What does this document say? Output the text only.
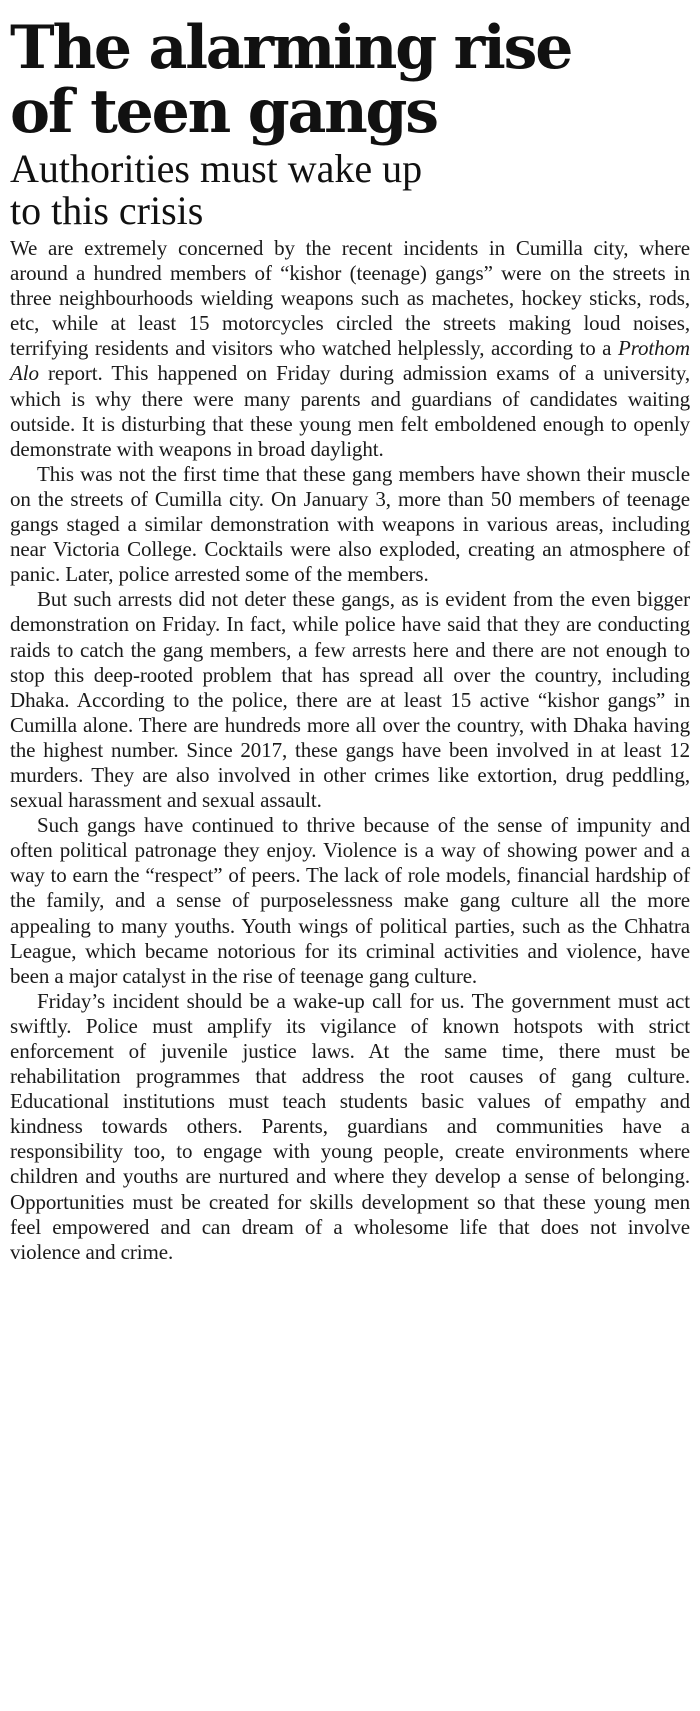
The alarming rise of teen gangs
Authorities must wake up to this crisis

We are extremely concerned by the recent incidents in Cumilla city, where around a hundred members of “kishor (teenage) gangs” were on the streets in three neighbourhoods wielding weapons such as machetes, hockey sticks, rods, etc, while at least 15 motorcycles circled the streets making loud noises, terrifying residents and visitors who watched helplessly, according to a Prothom Alo report. This happened on Friday during admission exams of a university, which is why there were many parents and guardians of candidates waiting outside. It is disturbing that these young men felt emboldened enough to openly demonstrate with weapons in broad daylight.

This was not the first time that these gang members have shown their muscle on the streets of Cumilla city. On January 3, more than 50 members of teenage gangs staged a similar demonstration with weapons in various areas, including near Victoria College. Cocktails were also exploded, creating an atmosphere of panic. Later, police arrested some of the members.

But such arrests did not deter these gangs, as is evident from the even bigger demonstration on Friday. In fact, while police have said that they are conducting raids to catch the gang members, a few arrests here and there are not enough to stop this deep-rooted problem that has spread all over the country, including Dhaka. According to the police, there are at least 15 active “kishor gangs” in Cumilla alone. There are hundreds more all over the country, with Dhaka having the highest number. Since 2017, these gangs have been involved in at least 12 murders. They are also involved in other crimes like extortion, drug peddling, sexual harassment and sexual assault.

Such gangs have continued to thrive because of the sense of impunity and often political patronage they enjoy. Violence is a way of showing power and a way to earn the “respect” of peers. The lack of role models, financial hardship of the family, and a sense of purposelessness make gang culture all the more appealing to many youths. Youth wings of political parties, such as the Chhatra League, which became notorious for its criminal activities and violence, have been a major catalyst in the rise of teenage gang culture.

Friday’s incident should be a wake-up call for us. The government must act swiftly. Police must amplify its vigilance of known hotspots with strict enforcement of juvenile justice laws. At the same time, there must be rehabilitation programmes that address the root causes of gang culture. Educational institutions must teach students basic values of empathy and kindness towards others. Parents, guardians and communities have a responsibility too, to engage with young people, create environments where children and youths are nurtured and where they develop a sense of belonging. Opportunities must be created for skills development so that these young men feel empowered and can dream of a wholesome life that does not involve violence and crime.
